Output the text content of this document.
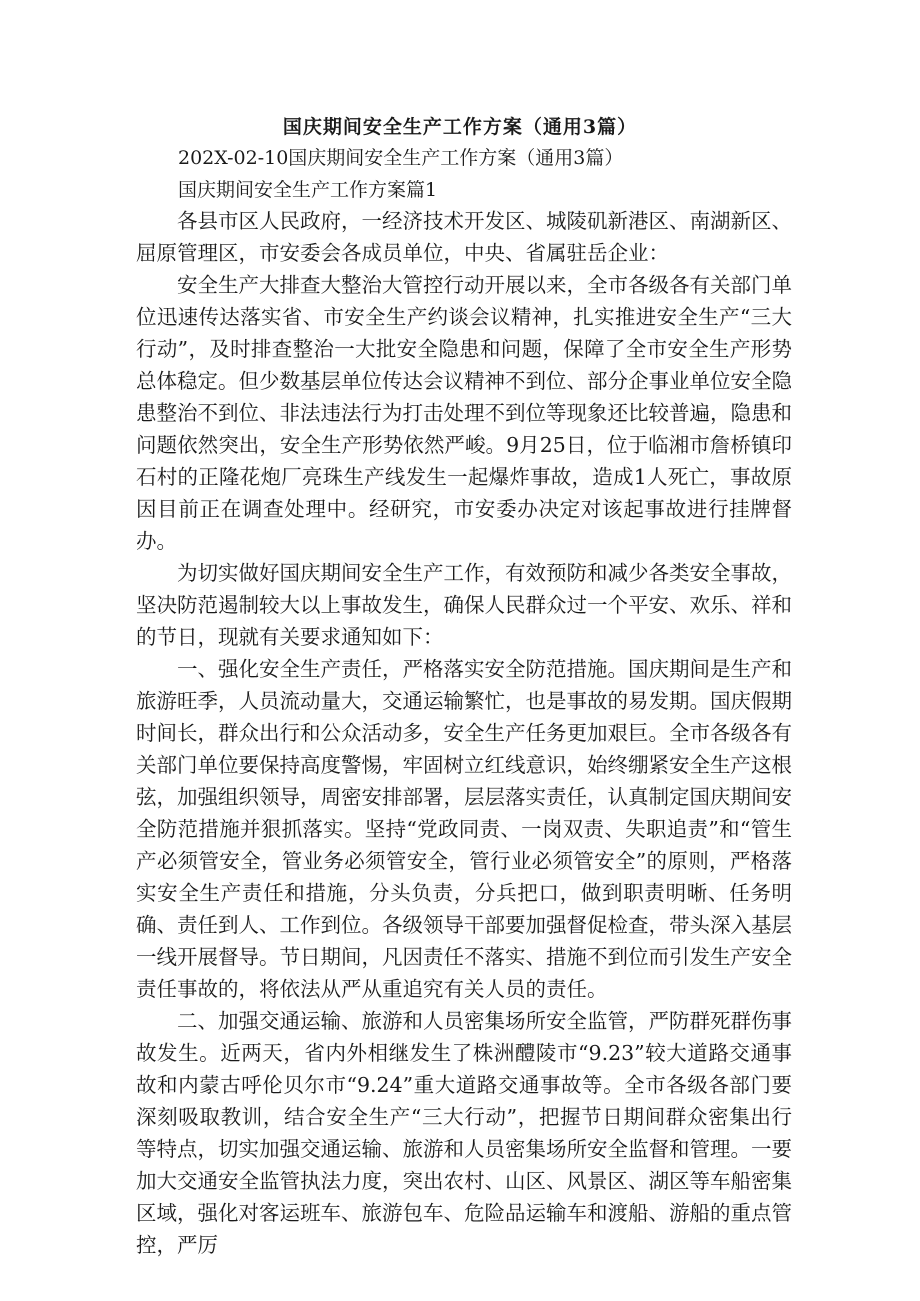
国庆期间安全生产工作方案（通用3篇）
202X-02-10国庆期间安全生产工作方案（通用3篇）
国庆期间安全生产工作方案篇1

各县市区人民政府，一经济技术开发区、城陵矶新港区、南湖新区、屈原管理区，市安委会各成员单位，中央、省属驻岳企业：

安全生产大排查大整治大管控行动开展以来，全市各级各有关部门单位迅速传达落实省、市安全生产约谈会议精神，扎实推进安全生产“三大行动”，及时排查整治一大批安全隐患和问题，保障了全市安全生产形势总体稳定。但少数基层单位传达会议精神不到位、部分企事业单位安全隐患整治不到位、非法违法行为打击处理不到位等现象还比较普遍，隐患和问题依然突出，安全生产形势依然严峻。9月25日，位于临湘市詹桥镇印石村的正隆花炮厂亮珠生产线发生一起爆炸事故，造成1人死亡，事故原因目前正在调查处理中。经研究，市安委办决定对该起事故进行挂牌督办。

为切实做好国庆期间安全生产工作，有效预防和减少各类安全事故，坚决防范遏制较大以上事故发生，确保人民群众过一个平安、欢乐、祥和的节日，现就有关要求通知如下：

一、强化安全生产责任，严格落实安全防范措施。国庆期间是生产和旅游旺季，人员流动量大，交通运输繁忙，也是事故的易发期。国庆假期时间长，群众出行和公众活动多，安全生产任务更加艰巨。全市各级各有关部门单位要保持高度警惕，牢固树立红线意识，始终绷紧安全生产这根弦，加强组织领导，周密安排部署，层层落实责任，认真制定国庆期间安全防范措施并狠抓落实。坚持“党政同责、一岗双责、失职追责”和“管生产必须管安全，管业务必须管安全，管行业必须管安全”的原则，严格落实安全生产责任和措施，分头负责，分兵把口，做到职责明晰、任务明确、责任到人、工作到位。各级领导干部要加强督促检查，带头深入基层一线开展督导。节日期间，凡因责任不落实、措施不到位而引发生产安全责任事故的，将依法从严从重追究有关人员的责任。

二、加强交通运输、旅游和人员密集场所安全监管，严防群死群伤事故发生。近两天，省内外相继发生了株洲醴陵市“9.23”较大道路交通事故和内蒙古呼伦贝尔市“9.24”重大道路交通事故等。全市各级各部门要深刻吸取教训，结合安全生产“三大行动”，把握节日期间群众密集出行等特点，切实加强交通运输、旅游和人员密集场所安全监督和管理。一要加大交通安全监管执法力度，突出农村、山区、风景区、湖区等车船密集区域，强化对客运班车、旅游包车、危险品运输车和渡船、游船的重点管控，严厉
